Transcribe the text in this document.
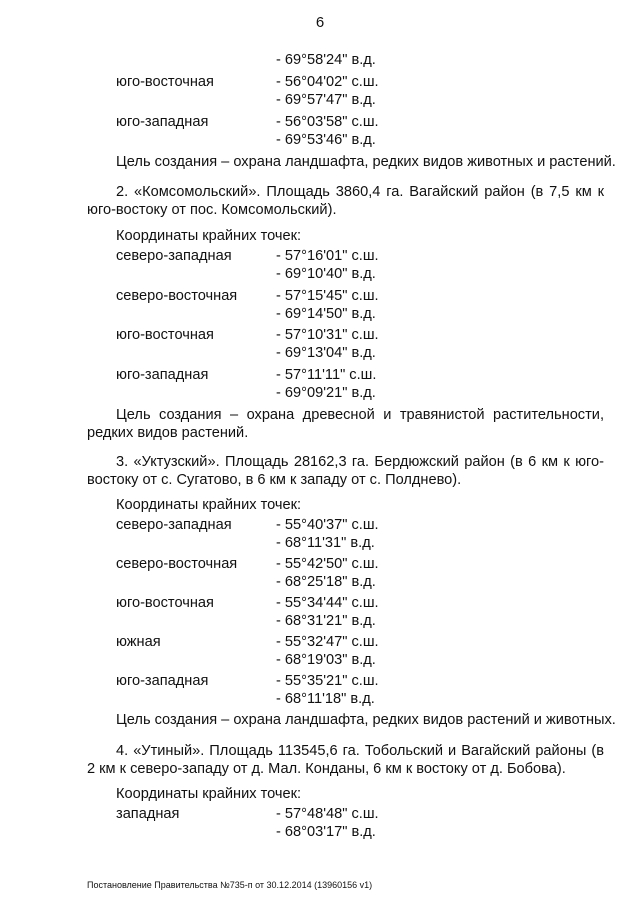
6
- 69°58'24" в.д.
юго-восточная	- 56°04'02" с.ш.
- 69°57'47" в.д.
юго-западная	- 56°03'58" с.ш.
- 69°53'46" в.д.
Цель создания – охрана ландшафта, редких видов животных и растений.
2. «Комсомольский». Площадь 3860,4 га. Вагайский район (в 7,5 км к юго-востоку от пос. Комсомольский).
Координаты крайних точек:
северо-западная	- 57°16'01" с.ш.
- 69°10'40" в.д.
северо-восточная	- 57°15'45" с.ш.
- 69°14'50" в.д.
юго-восточная	- 57°10'31" с.ш.
- 69°13'04" в.д.
юго-западная	- 57°11'11" с.ш.
- 69°09'21" в.д.
Цель создания – охрана древесной и травянистой растительности, редких видов растений.
3. «Уктузский». Площадь 28162,3 га. Бердюжский район (в 6 км к юго-востоку от с. Сугатово, в 6 км к западу от с. Полднево).
Координаты крайних точек:
северо-западная	- 55°40'37" с.ш.
- 68°11'31" в.д.
северо-восточная	- 55°42'50" с.ш.
- 68°25'18" в.д.
юго-восточная	- 55°34'44" с.ш.
- 68°31'21" в.д.
южная	- 55°32'47" с.ш.
- 68°19'03" в.д.
юго-западная	- 55°35'21" с.ш.
- 68°11'18" в.д.
Цель создания – охрана ландшафта, редких видов растений и животных.
4. «Утиный». Площадь 113545,6 га. Тобольский и Вагайский районы (в 2 км к северо-западу от д. Мал. Конданы, 6 км к востоку от д. Бобова).
Координаты крайних точек:
западная	- 57°48'48" с.ш.
- 68°03'17" в.д.
Постановление Правительства №735-п от 30.12.2014 (13960156 v1)
